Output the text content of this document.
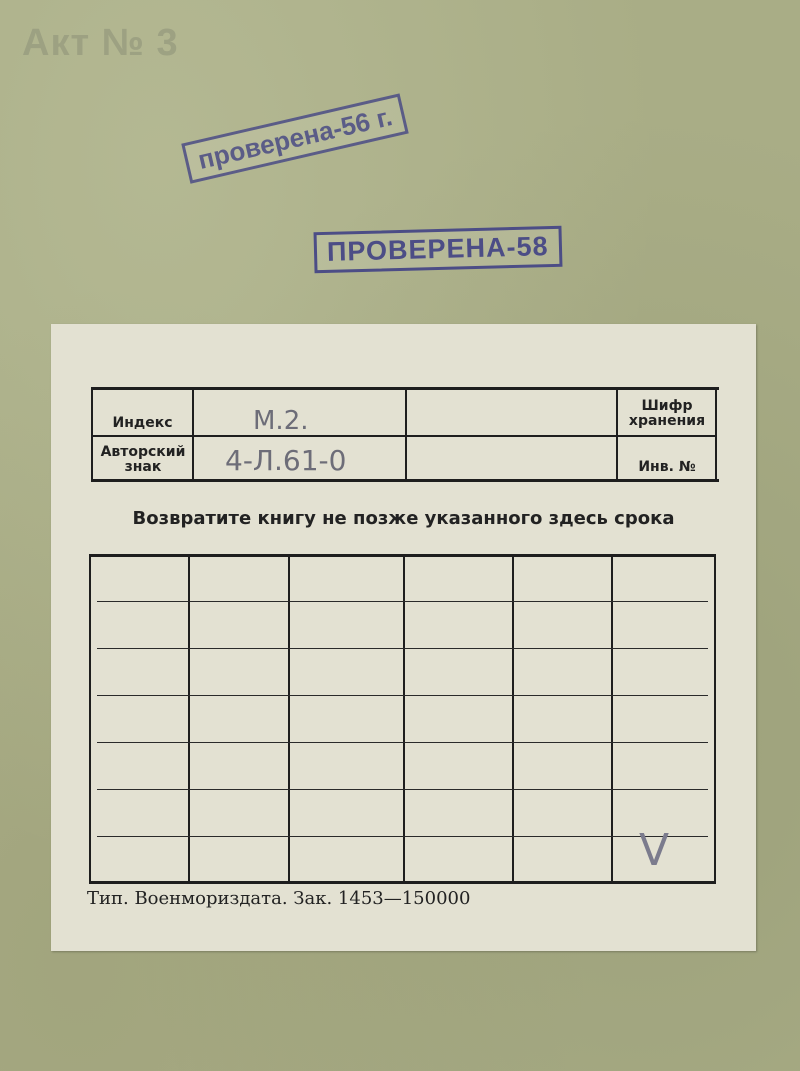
Акт № 3
проверена-56 г.
ПРОВЕРЕНА-58
Индекс	М.2.
Авторский знак	4-Л.61-0
Шифр хранения
Инв. №
Возвратите книгу не позже указанного здесь срока
V
Тип. Военмориздата. Зак. 1453—150000
